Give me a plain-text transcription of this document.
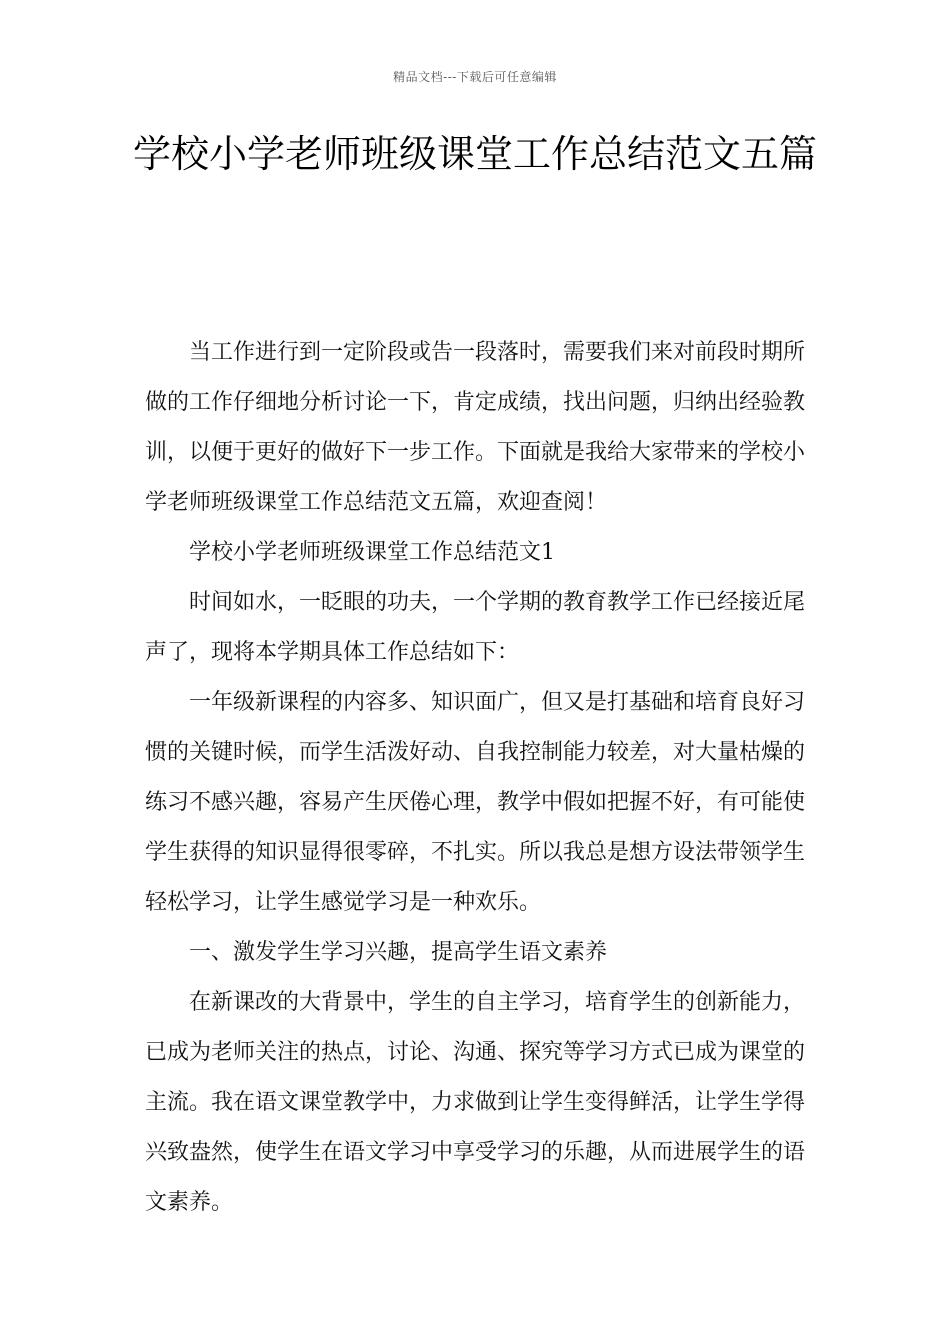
精品文档---下载后可任意编辑
学校小学老师班级课堂工作总结范文五篇

当工作进行到一定阶段或告一段落时，需要我们来对前段时期所做的工作仔细地分析讨论一下，肯定成绩，找出问题，归纳出经验教训，以便于更好的做好下一步工作。下面就是我给大家带来的学校小学老师班级课堂工作总结范文五篇，欢迎查阅！

学校小学老师班级课堂工作总结范文1

时间如水，一眨眼的功夫，一个学期的教育教学工作已经接近尾声了，现将本学期具体工作总结如下：

一年级新课程的内容多、知识面广，但又是打基础和培育良好习惯的关键时候，而学生活泼好动、自我控制能力较差，对大量枯燥的练习不感兴趣，容易产生厌倦心理，教学中假如把握不好，有可能使学生获得的知识显得很零碎，不扎实。所以我总是想方设法带领学生轻松学习，让学生感觉学习是一种欢乐。

一、激发学生学习兴趣，提高学生语文素养

在新课改的大背景中，学生的自主学习，培育学生的创新能力，已成为老师关注的热点，讨论、沟通、探究等学习方式已成为课堂的主流。我在语文课堂教学中，力求做到让学生变得鲜活，让学生学得兴致盎然，使学生在语文学习中享受学习的乐趣，从而进展学生的语文素养。
